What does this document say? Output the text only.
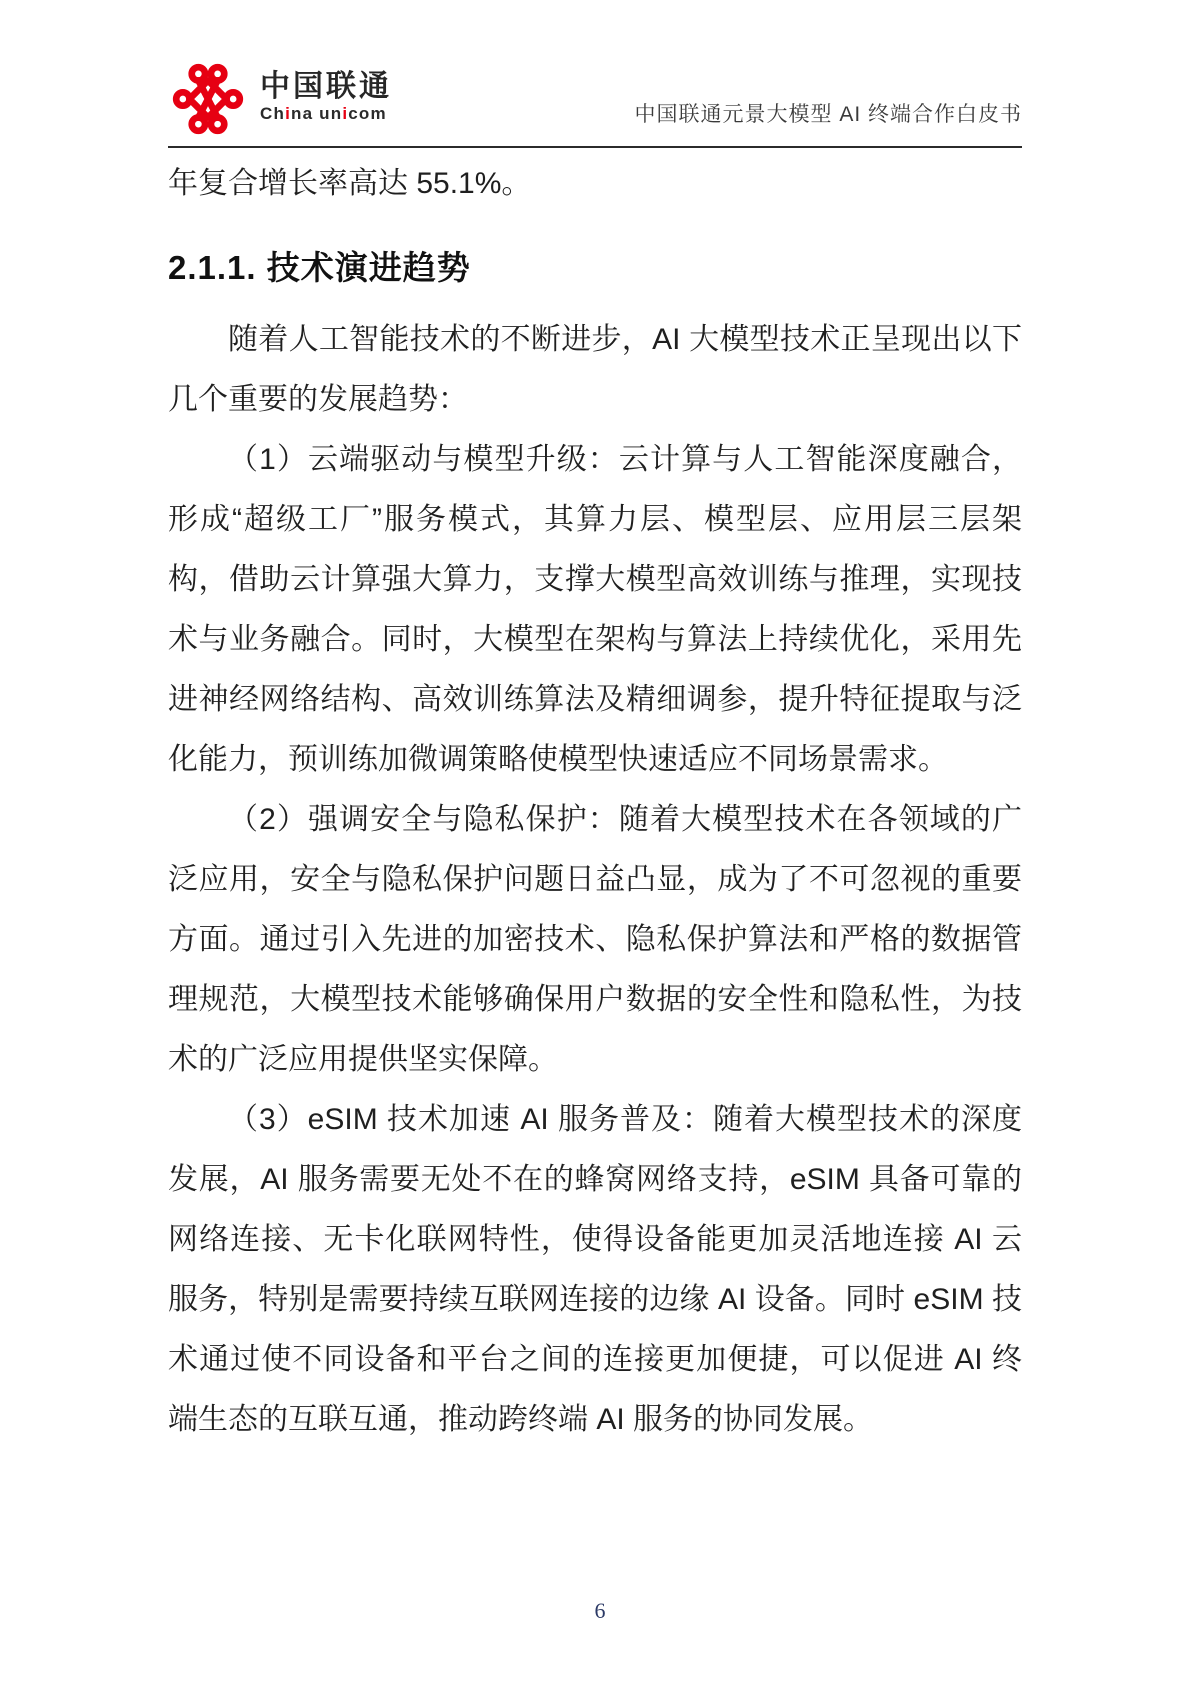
中国联通
China unicom	中国联通元景大模型 AI 终端合作白皮书

年复合增长率高达 55.1%。

2.1.1. 技术演进趋势

随着人工智能技术的不断进步，AI 大模型技术正呈现出以下几个重要的发展趋势：

（1）云端驱动与模型升级：云计算与人工智能深度融合，形成“超级工厂”服务模式，其算力层、模型层、应用层三层架构，借助云计算强大算力，支撑大模型高效训练与推理，实现技术与业务融合。同时，大模型在架构与算法上持续优化，采用先进神经网络结构、高效训练算法及精细调参，提升特征提取与泛化能力，预训练加微调策略使模型快速适应不同场景需求。

（2）强调安全与隐私保护：随着大模型技术在各领域的广泛应用，安全与隐私保护问题日益凸显，成为了不可忽视的重要方面。通过引入先进的加密技术、隐私保护算法和严格的数据管理规范，大模型技术能够确保用户数据的安全性和隐私性，为技术的广泛应用提供坚实保障。

（3）eSIM 技术加速 AI 服务普及：随着大模型技术的深度发展，AI 服务需要无处不在的蜂窝网络支持，eSIM 具备可靠的网络连接、无卡化联网特性，使得设备能更加灵活地连接 AI 云服务，特别是需要持续互联网连接的边缘 AI 设备。同时 eSIM 技术通过使不同设备和平台之间的连接更加便捷，可以促进 AI 终端生态的互联互通，推动跨终端 AI 服务的协同发展。

6
